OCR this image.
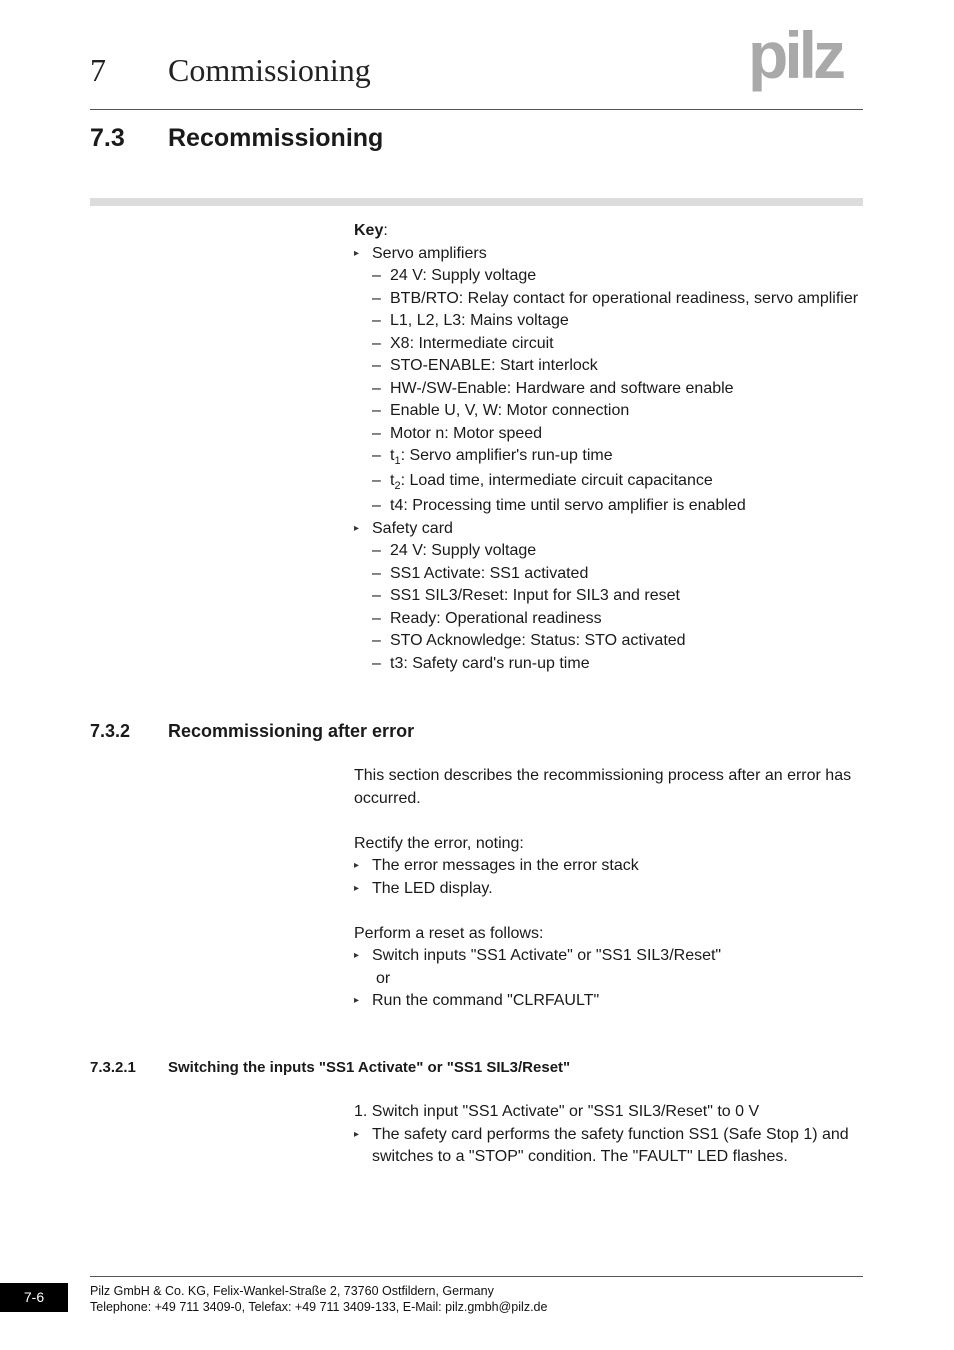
7 Commissioning	pilz
7.3 Recommissioning
Key:
▸ Servo amplifiers
– 24 V: Supply voltage
– BTB/RTO: Relay contact for operational readiness, servo amplifier
– L1, L2, L3: Mains voltage
– X8: Intermediate circuit
– STO-ENABLE: Start interlock
– HW-/SW-Enable: Hardware and software enable
– Enable U, V, W: Motor connection
– Motor n: Motor speed
– $t_1$: Servo amplifier's run-up time
– $t_2$: Load time, intermediate circuit capacitance
– t4: Processing time until servo amplifier is enabled
▸ Safety card
– 24 V: Supply voltage
– SS1 Activate: SS1 activated
– SS1 SIL3/Reset: Input for SIL3 and reset
– Ready: Operational readiness
– STO Acknowledge: Status: STO activated
– t3: Safety card's run-up time
7.3.2 Recommissioning after error
This section describes the recommissioning process after an error has
occurred.
Rectify the error, noting:
▸ The error messages in the error stack
▸ The LED display.
Perform a reset as follows:
▸ Switch inputs "SS1 Activate" or "SS1 SIL3/Reset"
or
▸ Run the command "CLRFAULT"
7.3.2.1 Switching the inputs "SS1 Activate" or "SS1 SIL3/Reset"
1. Switch input "SS1 Activate" or "SS1 SIL3/Reset" to 0 V
▸ The safety card performs the safety function SS1 (Safe Stop 1) and
switches to a "STOP" condition. The "FAULT" LED flashes.
7-6	Pilz GmbH & Co. KG, Felix-Wankel-Straße 2, 73760 Ostfildern, Germany
Telephone: +49 711 3409-0, Telefax: +49 711 3409-133, E-Mail: pilz.gmbh@pilz.de
